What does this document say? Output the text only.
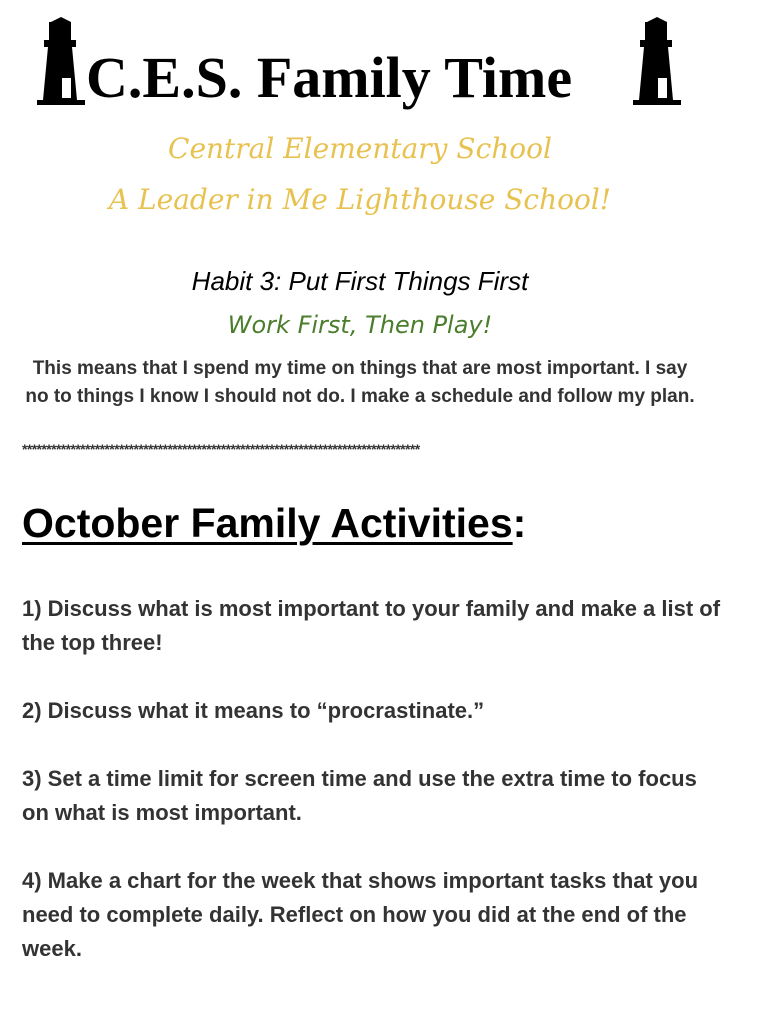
C.E.S. Family Time
Central Elementary School
A Leader in Me Lighthouse School!
Habit 3: Put First Things First
Work First, Then Play!
This means that I spend my time on things that are most important. I say no to things I know I should not do. I make a schedule and follow my plan.
**********************************************************************************
October Family Activities:
1) Discuss what is most important to your family and make a list of the top three!
2) Discuss what it means to “procrastinate.”
3) Set a time limit for screen time and use the extra time to focus on what is most important.
4) Make a chart for the week that shows important tasks that you need to complete daily. Reflect on how you did at the end of the week.
